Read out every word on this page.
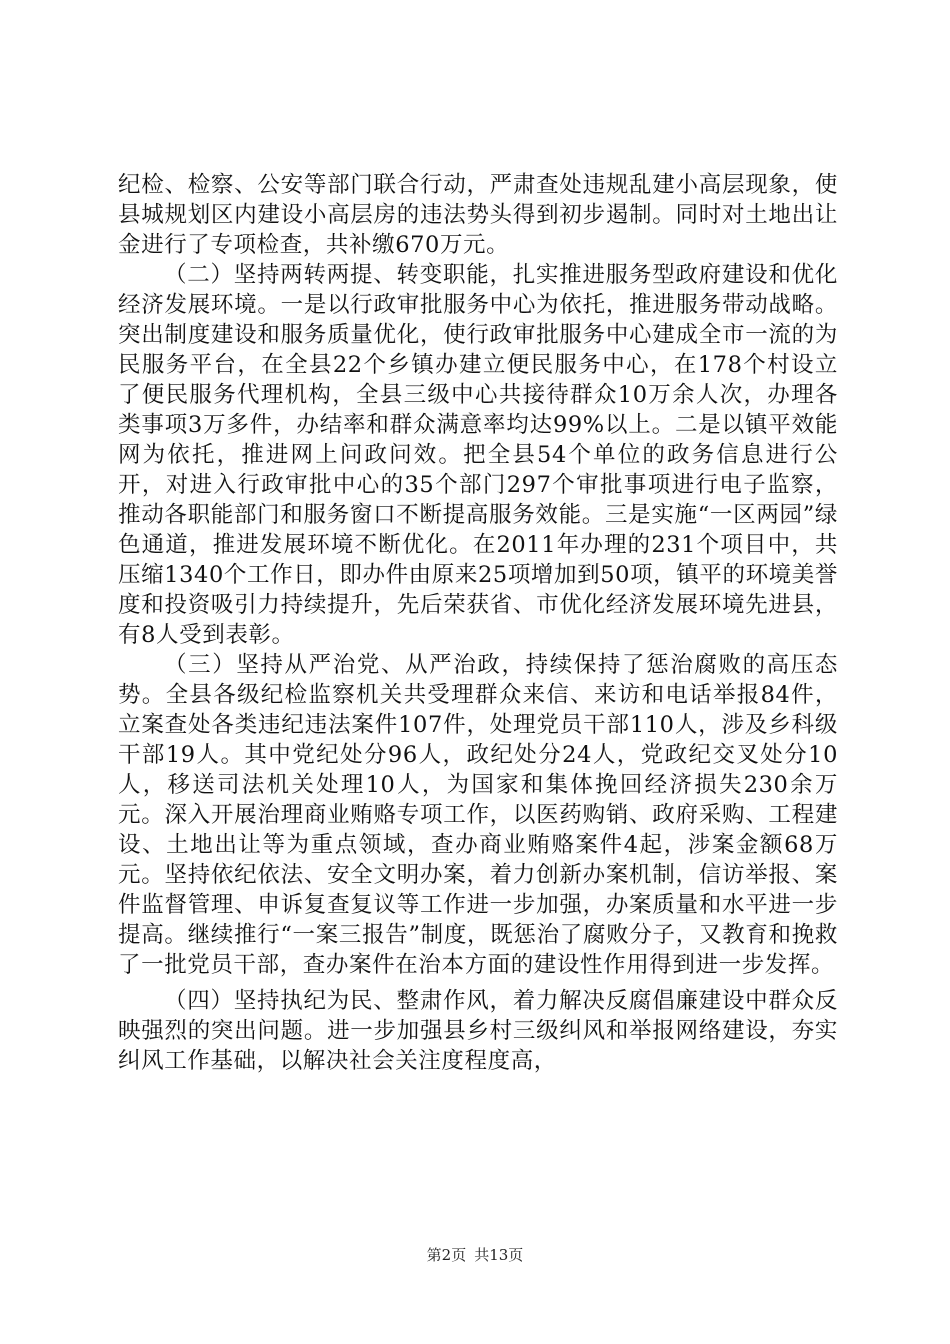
纪检、检察、公安等部门联合行动，严肃查处违规乱建小高层现象，使县城规划区内建设小高层房的违法势头得到初步遏制。同时对土地出让金进行了专项检查，共补缴670万元。

（二）坚持两转两提、转变职能，扎实推进服务型政府建设和优化经济发展环境。一是以行政审批服务中心为依托，推进服务带动战略。突出制度建设和服务质量优化，使行政审批服务中心建成全市一流的为民服务平台，在全县22个乡镇办建立便民服务中心，在178个村设立了便民服务代理机构，全县三级中心共接待群众10万余人次，办理各类事项3万多件，办结率和群众满意率均达99%以上。二是以镇平效能网为依托，推进网上问政问效。把全县54个单位的政务信息进行公开，对进入行政审批中心的35个部门297个审批事项进行电子监察，推动各职能部门和服务窗口不断提高服务效能。三是实施“一区两园”绿色通道，推进发展环境不断优化。在2011年办理的231个项目中，共压缩1340个工作日，即办件由原来25项增加到50项，镇平的环境美誉度和投资吸引力持续提升，先后荣获省、市优化经济发展环境先进县，有8人受到表彰。

（三）坚持从严治党、从严治政，持续保持了惩治腐败的高压态势。全县各级纪检监察机关共受理群众来信、来访和电话举报84件，立案查处各类违纪违法案件107件，处理党员干部110人，涉及乡科级干部19人。其中党纪处分96人，政纪处分24人，党政纪交叉处分10人，移送司法机关处理10人，为国家和集体挽回经济损失230余万元。深入开展治理商业贿赂专项工作，以医药购销、政府采购、工程建设、土地出让等为重点领域，查办商业贿赂案件4起，涉案金额68万元。坚持依纪依法、安全文明办案，着力创新办案机制，信访举报、案件监督管理、申诉复查复议等工作进一步加强，办案质量和水平进一步提高。继续推行“一案三报告”制度，既惩治了腐败分子，又教育和挽救了一批党员干部，查办案件在治本方面的建设性作用得到进一步发挥。

（四）坚持执纪为民、整肃作风，着力解决反腐倡廉建设中群众反映强烈的突出问题。进一步加强县乡村三级纠风和举报网络建设，夯实纠风工作基础，以解决社会关注度程度高，

第2页 共13页
